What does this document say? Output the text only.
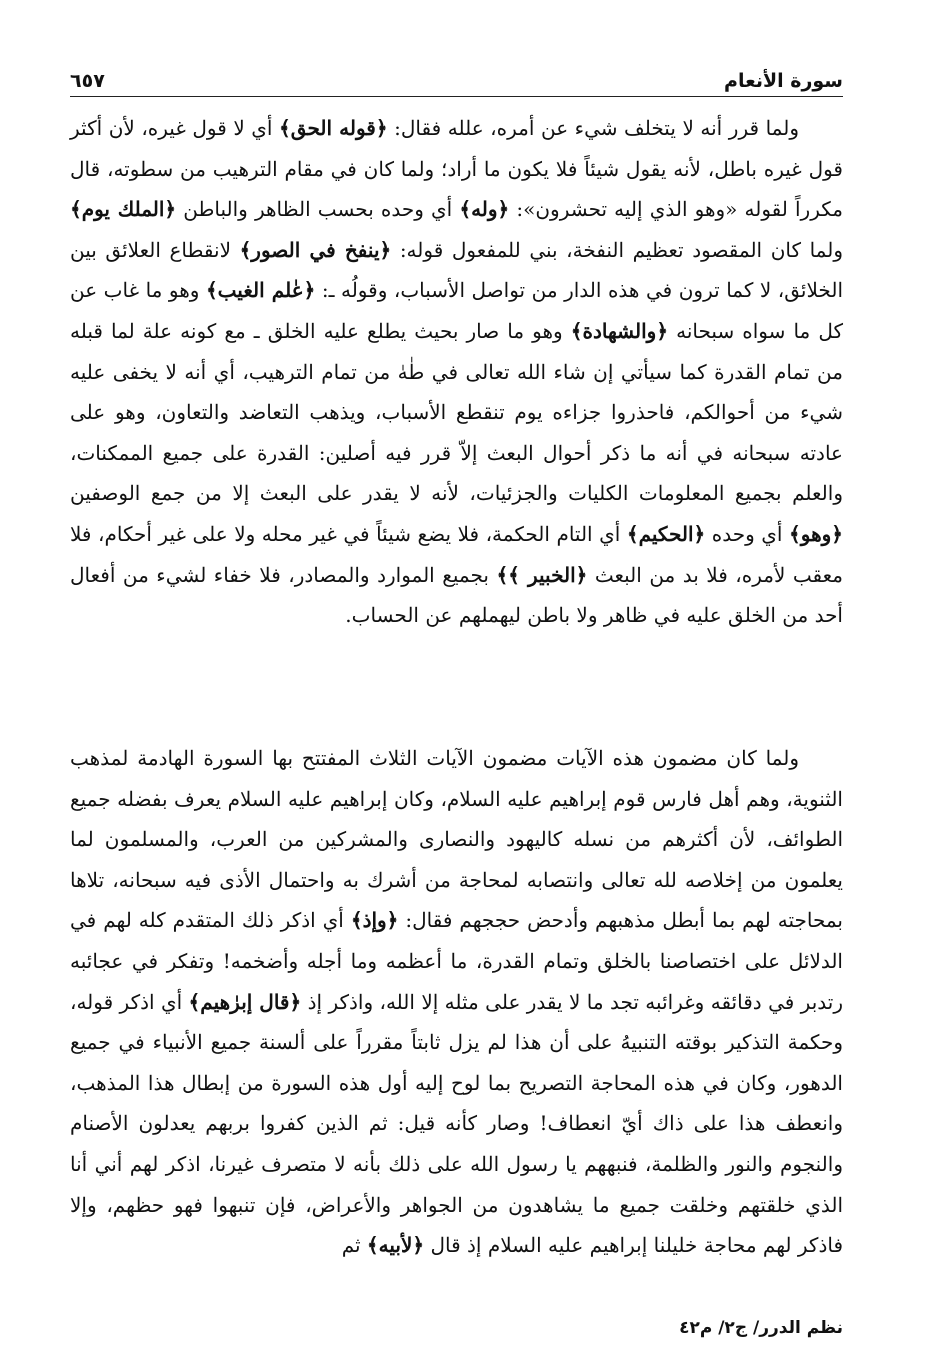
سورة الأنعام
٦٥٧

ولما قرر أنه لا يتخلف شيء عن أمره، علله فقال: ﴿قوله الحق﴾ أي لا قول غيره، لأن أكثر قول غيره باطل، لأنه يقول شيئاً فلا يكون ما أراد؛ ولما كان في مقام الترهيب من سطوته، قال مكرراً لقوله «وهو الذي إليه تحشرون»: ﴿وله﴾ أي وحده بحسب الظاهر والباطن ﴿الملك يوم﴾ ولما كان المقصود تعظيم النفخة، بني للمفعول قوله: ﴿ينفخ في الصور﴾ لانقطاع العلائق بين الخلائق، لا كما ترون في هذه الدار من تواصل الأسباب، وقولُه ـ: ﴿عٰلم الغيب﴾ وهو ما غاب عن كل ما سواه سبحانه ﴿والشهادة﴾ وهو ما صار بحيث يطلع عليه الخلق ـ مع كونه علة لما قبله من تمام القدرة كما سيأتي إن شاء الله تعالى في طٰهٰ من تمام الترهيب، أي أنه لا يخفى عليه شيء من أحوالكم، فاحذروا جزاءه يوم تنقطع الأسباب، ويذهب التعاضد والتعاون، وهو على عادته سبحانه في أنه ما ذكر أحوال البعث إلاّ قرر فيه أصلين: القدرة على جميع الممكنات، والعلم بجميع المعلومات الكليات والجزئيات، لأنه لا يقدر على البعث إلا من جمع الوصفين ﴿وهو﴾ أي وحده ﴿الحكيم﴾ أي التام الحكمة، فلا يضع شيئاً في غير محله ولا على غير أحكام، فلا معقب لأمره، فلا بد من البعث ﴿الخبير ﴾﴾ بجميع الموارد والمصادر، فلا خفاء لشيء من أفعال أحد من الخلق عليه في ظاهر ولا باطن ليهملهم عن الحساب.

ولما كان مضمون هذه الآيات مضمون الآيات الثلاث المفتتح بها السورة الهادمة لمذهب الثنوية، وهم أهل فارس قوم إبراهيم عليه السلام، وكان إبراهيم عليه السلام يعرف بفضله جميع الطوائف، لأن أكثرهم من نسله كاليهود والنصارى والمشركين من العرب، والمسلمون لما يعلمون من إخلاصه لله تعالى وانتصابه لمحاجة من أشرك به واحتمال الأذى فيه سبحانه، تلاها بمحاجته لهم بما أبطل مذهبهم وأدحض حججهم فقال: ﴿وإذ﴾ أي اذكر ذلك المتقدم كله لهم في الدلائل على اختصاصنا بالخلق وتمام القدرة، ما أعظمه وما أجله وأضخمه! وتفكر في عجائبه رتدبر في دقائقه وغرائبه تجد ما لا يقدر على مثله إلا الله، واذكر إذ ﴿قال إبرٰهيم﴾ أي اذكر قوله، وحكمة التذكير بوقته التنبيهُ على أن هذا لم يزل ثابتاً مقرراً على ألسنة جميع الأنبياء في جميع الدهور، وكان في هذه المحاجة التصريح بما لوح إليه أول هذه السورة من إبطال هذا المذهب، وانعطف هذا على ذاك أيّ انعطاف! وصار كأنه قيل: ثم الذين كفروا بربهم يعدلون الأصنام والنجوم والنور والظلمة، فنبههم يا رسول الله على ذلك بأنه لا متصرف غيرنا، اذكر لهم أني أنا الذي خلقتهم وخلقت جميع ما يشاهدون من الجواهر والأعراض، فإن تنبهوا فهو حظهم، وإلا فاذكر لهم محاجة خليلنا إبراهيم عليه السلام إذ قال ﴿لأبيه﴾ ثم

نظم الدرر/ ج٢/ م٤٢
